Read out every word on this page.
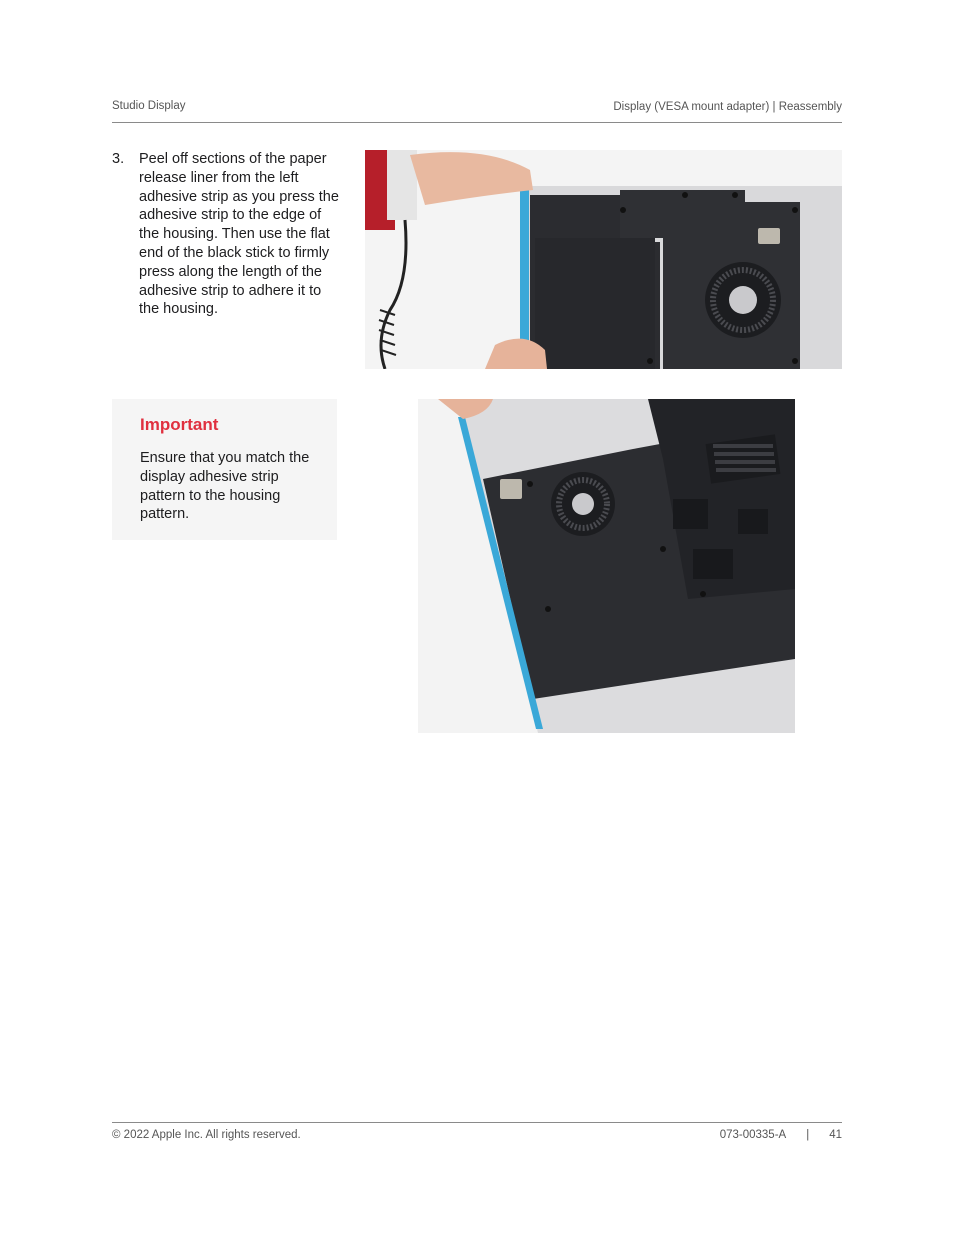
Studio Display	Display (VESA mount adapter) | Reassembly
3. Peel off sections of the paper release liner from the left adhesive strip as you press the adhesive strip to the edge of the housing. Then use the flat end of the black stick to firmly press along the length of the adhesive strip to adhere it to the housing.
Important
Ensure that you match the display adhesive strip pattern to the housing pattern.
© 2022 Apple Inc. All rights reserved.	073-00335-A | 41
